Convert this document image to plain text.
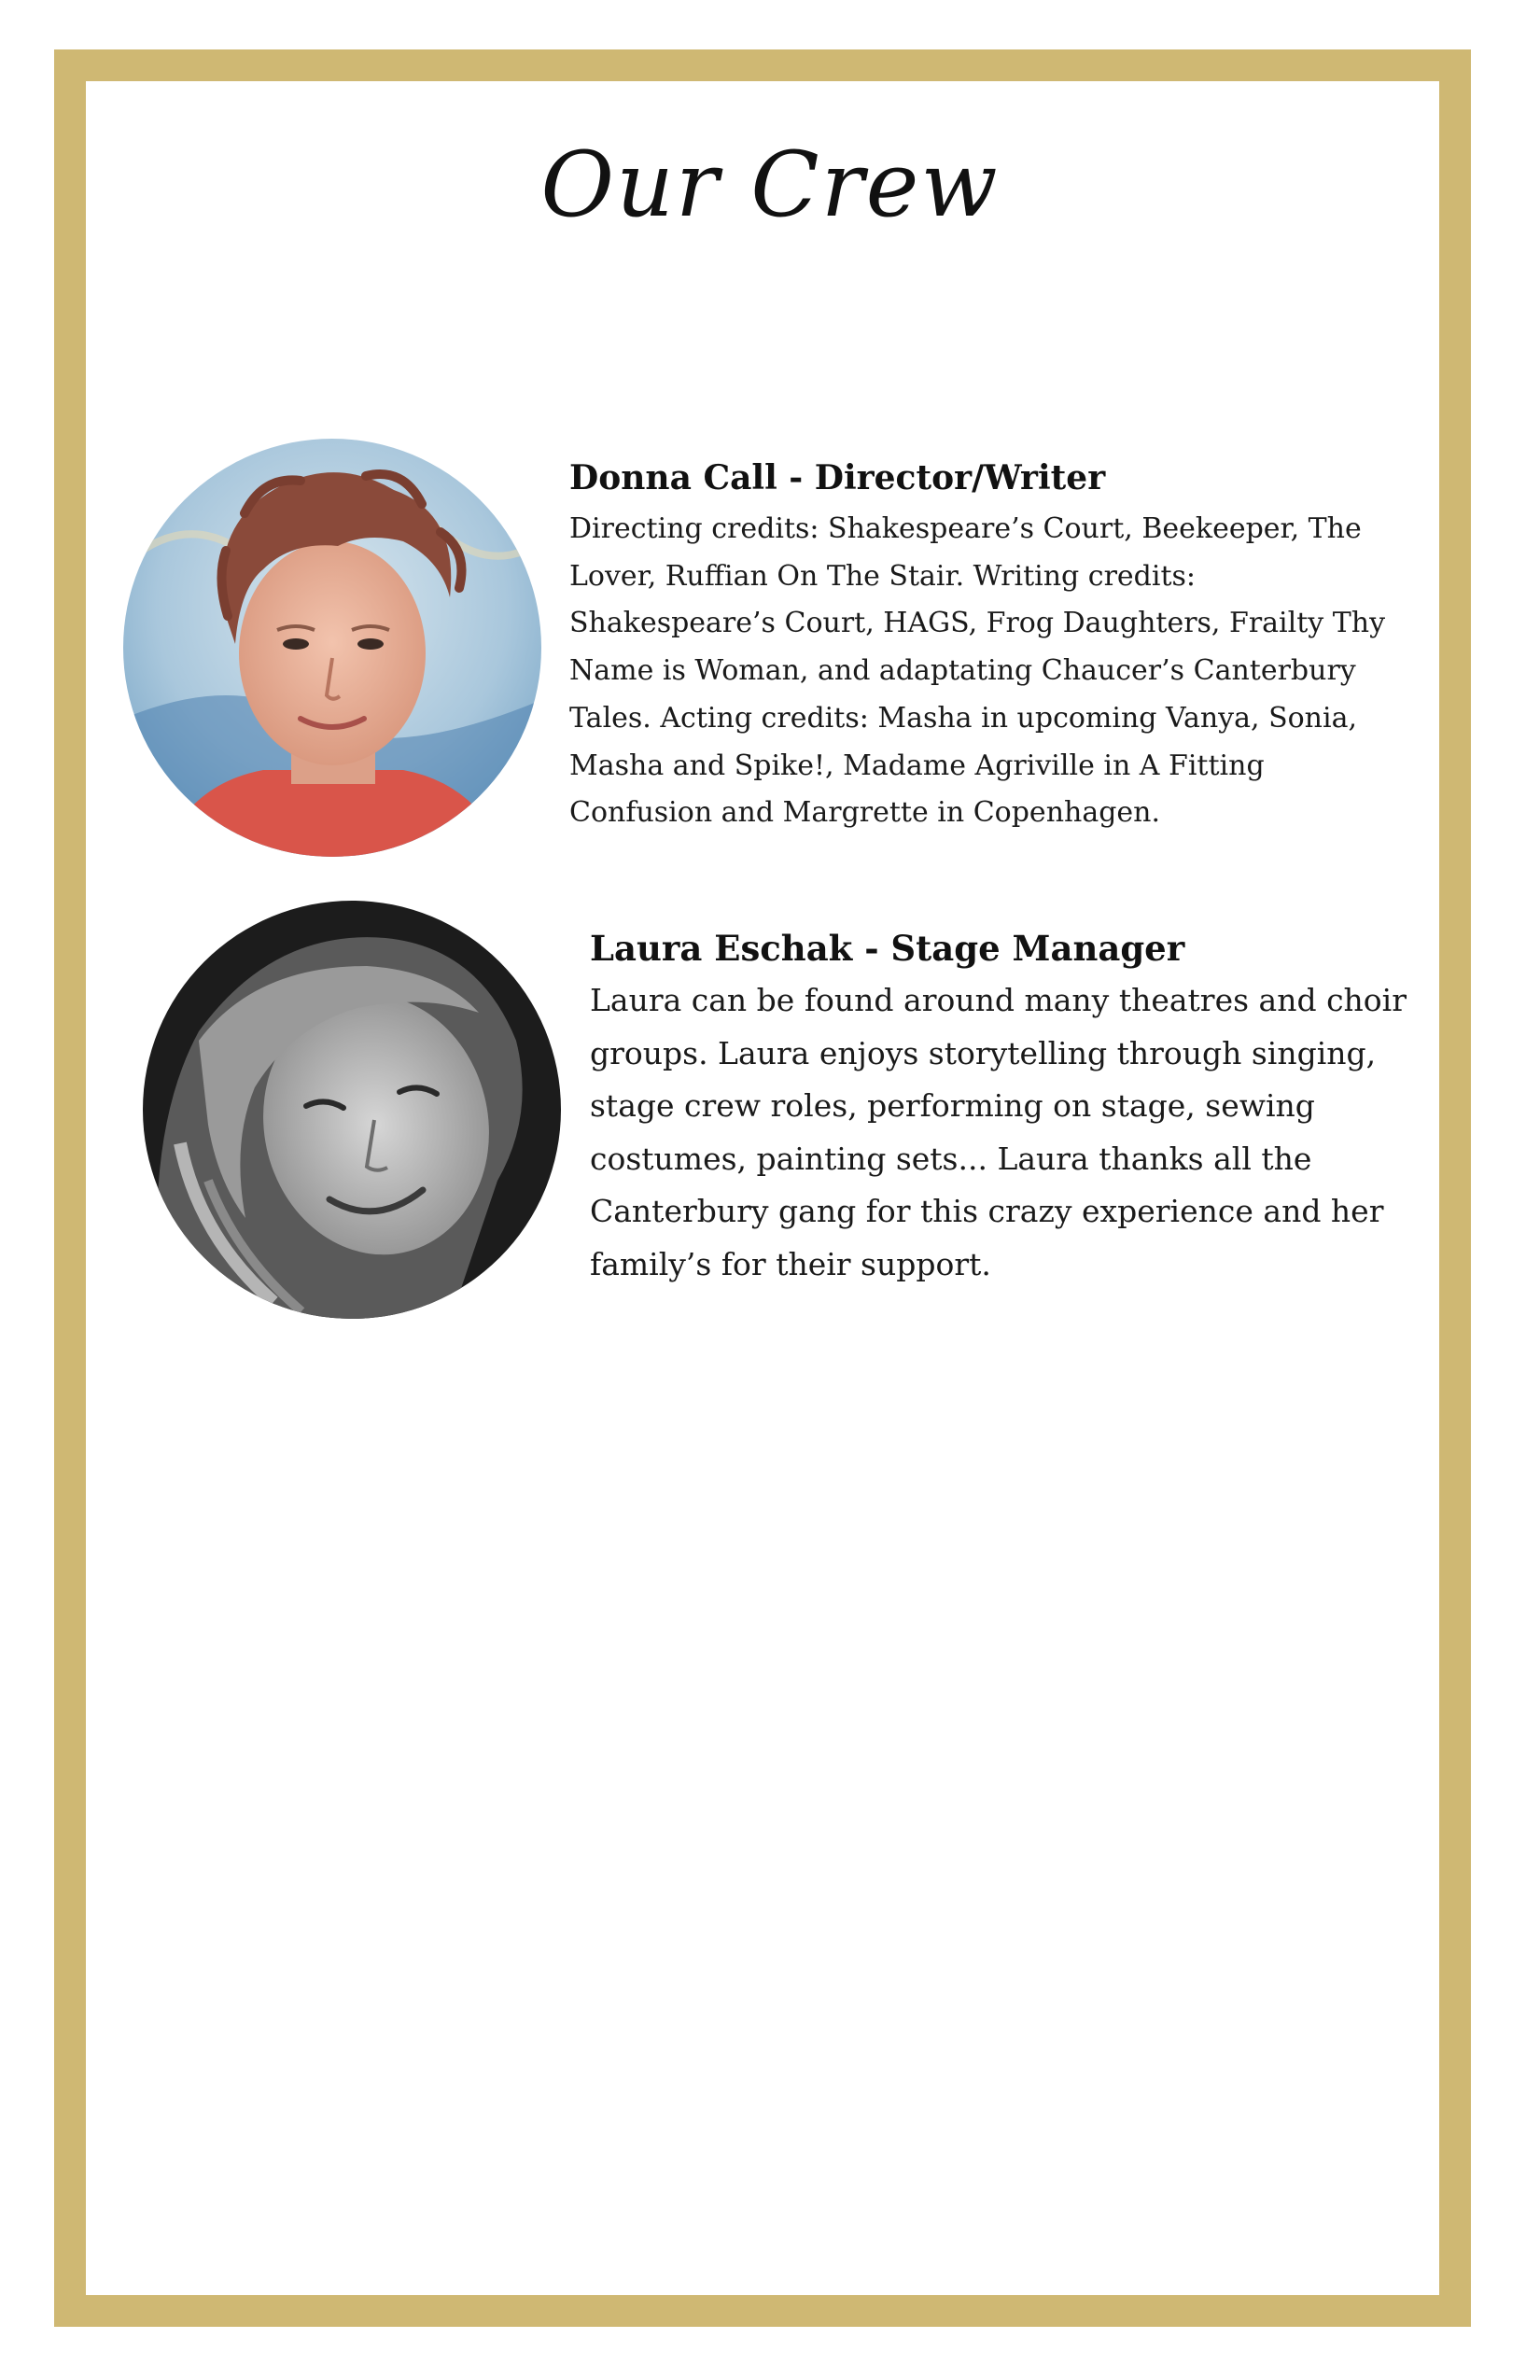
Our Crew

Donna Call - Director/Writer

Directing credits: Shakespeare’s Court, Beekeeper, The Lover, Ruffian On The Stair. Writing credits: Shakespeare’s Court, HAGS, Frog Daughters, Frailty Thy Name is Woman, and adaptating Chaucer’s Canterbury Tales. Acting credits: Masha in upcoming Vanya, Sonia, Masha and Spike!, Madame Agriville in A Fitting Confusion and Margrette in Copenhagen.

Laura Eschak - Stage Manager

Laura can be found around many theatres and choir groups. Laura enjoys storytelling through singing, stage crew roles, performing on stage, sewing costumes, painting sets... Laura thanks all the Canterbury gang for this crazy experience and her family’s for their support.
